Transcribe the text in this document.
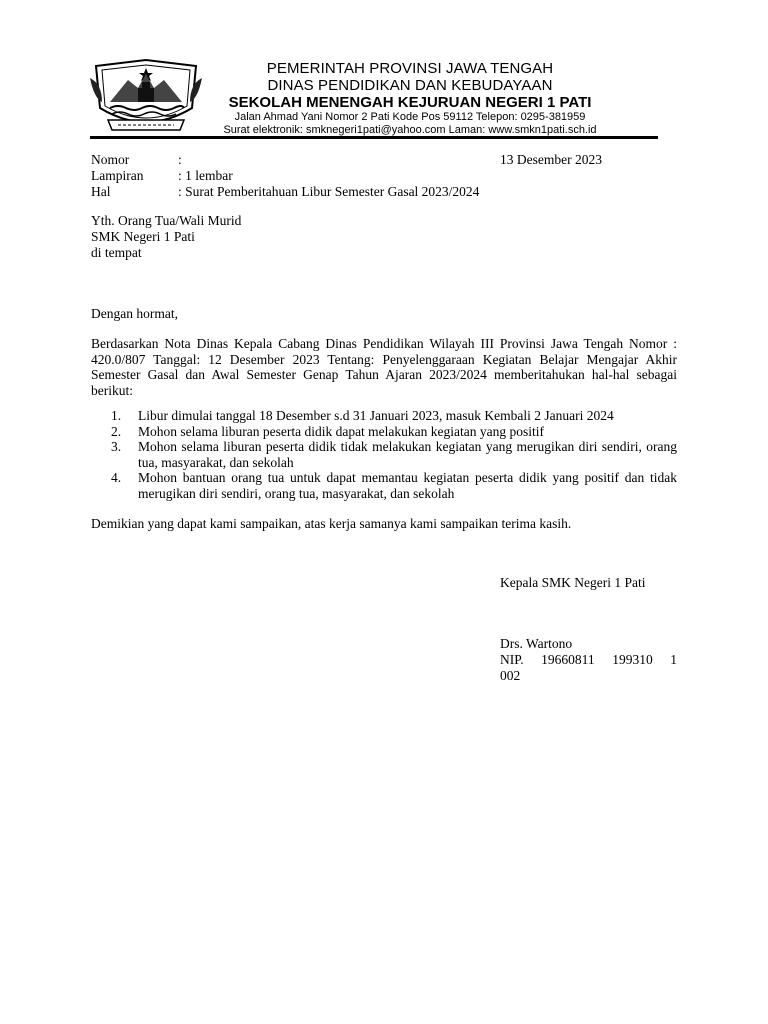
PEMERINTAH PROVINSI JAWA TENGAH
DINAS PENDIDIKAN DAN KEBUDAYAAN
SEKOLAH MENENGAH KEJURUAN NEGERI 1 PATI
Jalan Ahmad Yani Nomor 2 Pati Kode Pos 59112 Telepon: 0295-381959
Surat elektronik: smknegeri1pati@yahoo.com Laman: www.smkn1pati.sch.id
Nomor	:	13 Desember 2023
Lampiran	: 1 lembar
Hal	: Surat Pemberitahuan Libur Semester Gasal 2023/2024
Yth. Orang Tua/Wali Murid
SMK Negeri 1 Pati
di tempat
Dengan hormat,
Berdasarkan Nota Dinas Kepala Cabang Dinas Pendidikan Wilayah III Provinsi Jawa Tengah Nomor : 420.0/807 Tanggal: 12 Desember 2023 Tentang: Penyelenggaraan Kegiatan Belajar Mengajar Akhir Semester Gasal dan Awal Semester Genap Tahun Ajaran 2023/2024 memberitahukan hal-hal sebagai berikut:
1. Libur dimulai tanggal 18 Desember s.d 31 Januari 2023, masuk Kembali 2 Januari 2024
2. Mohon selama liburan peserta didik dapat melakukan kegiatan yang positif
3. Mohon selama liburan peserta didik tidak melakukan kegiatan yang merugikan diri sendiri, orang tua, masyarakat, dan sekolah
4. Mohon bantuan orang tua untuk dapat memantau kegiatan peserta didik yang positif dan tidak merugikan diri sendiri, orang tua, masyarakat, dan sekolah
Demikian yang dapat kami sampaikan, atas kerja samanya kami sampaikan terima kasih.
Kepala SMK Negeri 1 Pati
Drs. Wartono
NIP. 19660811 199310 1
002
